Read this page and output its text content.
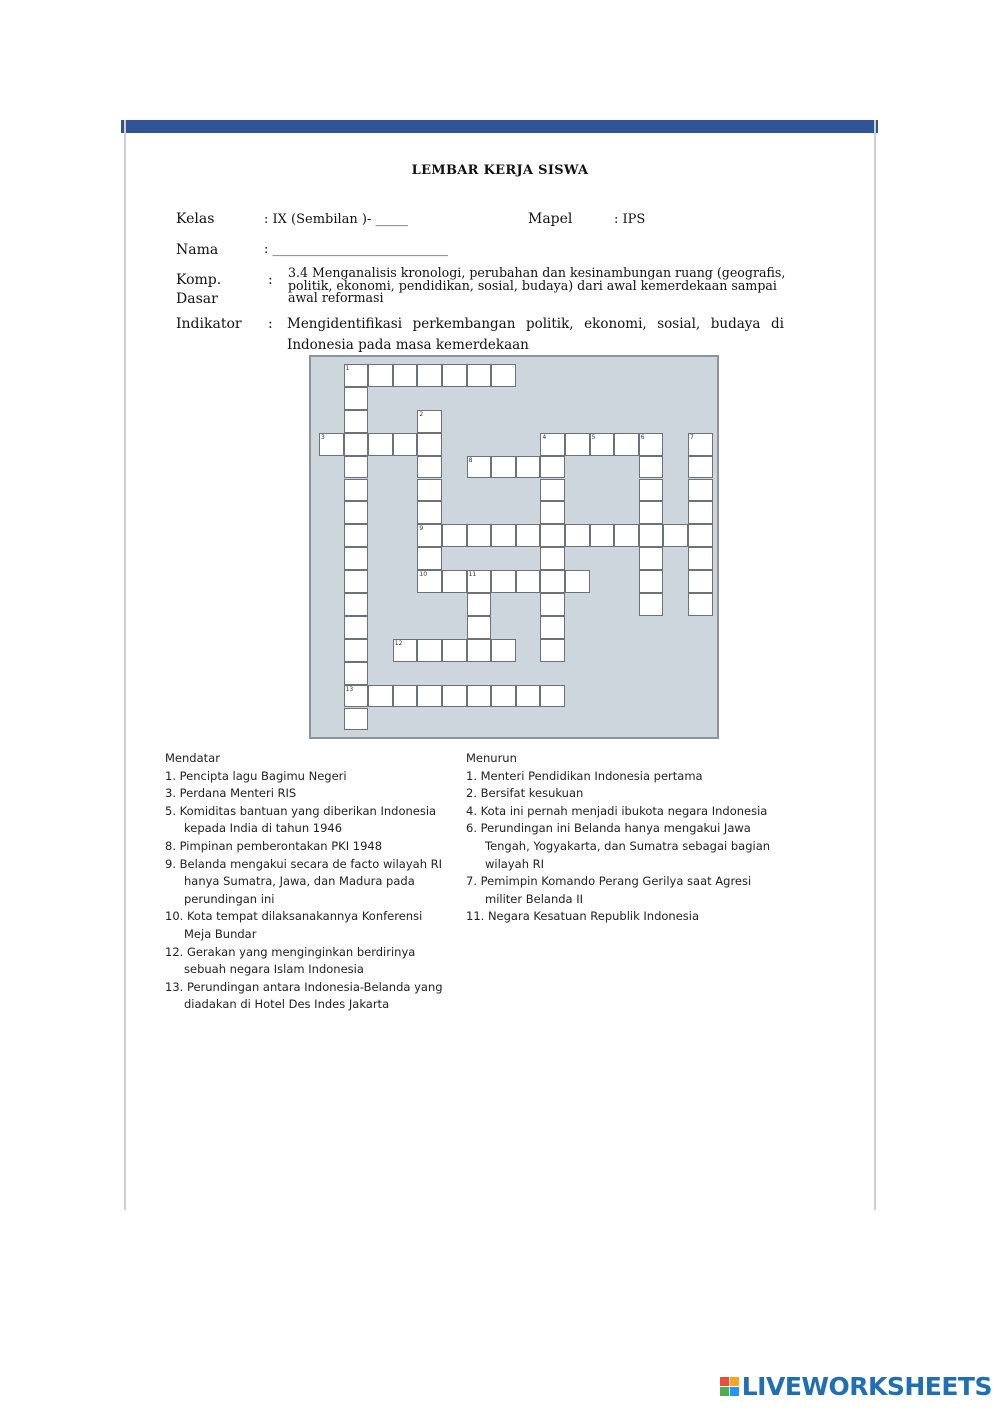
LEMBAR KERJA SISWA
Kelas	: IX (Sembilan )- _____	Mapel	: IPS
Nama	: ___________________________
Komp.
Dasar
: 3.4 Menganalisis kronologi, perubahan dan kesinambungan ruang (geografis,
politik, ekonomi, pendidikan, sosial, budaya) dari awal kemerdekaan sampai
awal reformasi
Indikator : Mengidentifikasi perkembangan politik, ekonomi, sosial, budaya di
Indonesia pada masa kemerdekaan
1
3
8
5
9
10	11
12
13
2
4	6	7
Mendatar
1. Pencipta lagu Bagimu Negeri
3. Perdana Menteri RIS
5. Komiditas bantuan yang diberikan Indonesia
kepada India di tahun 1946
8. Pimpinan pemberontakan PKI 1948
9. Belanda mengakui secara de facto wilayah RI
hanya Sumatra, Jawa, dan Madura pada
perundingan ini
10. Kota tempat dilaksanakannya Konferensi
Meja Bundar
12. Gerakan yang menginginkan berdirinya
sebuah negara Islam Indonesia
13. Perundingan antara Indonesia-Belanda yang
diadakan di Hotel Des Indes Jakarta
Menurun
1. Menteri Pendidikan Indonesia pertama
2. Bersifat kesukuan
4. Kota ini pernah menjadi ibukota negara Indonesia
6. Perundingan ini Belanda hanya mengakui Jawa
Tengah, Yogyakarta, dan Sumatra sebagai bagian
wilayah RI
7. Pemimpin Komando Perang Gerilya saat Agresi
militer Belanda II
11. Negara Kesatuan Republik Indonesia
LIVEWORKSHEETS
